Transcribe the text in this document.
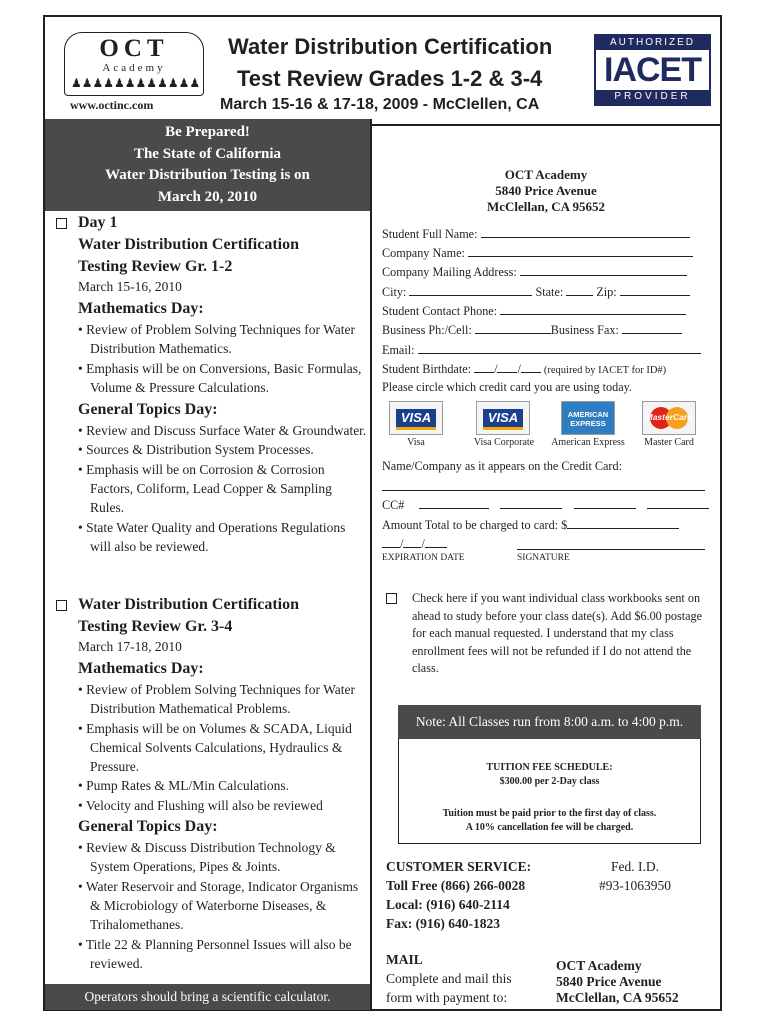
OCT
Academy
♟♟♟♟♟♟♟♟♟♟♟♟
www.octinc.com
Water Distribution Certification
Test Review Grades 1-2 & 3-4
March 15-16 & 17-18, 2009 - McClellen, CA
AUTHORIZED
IACET
PROVIDER
Be Prepared!
The State of California
Water Distribution Testing is on
March 20, 2010
Day 1
Water Distribution Certification
Testing Review Gr. 1-2
March 15-16, 2010
Mathematics Day:
• Review of Problem Solving Techniques for Water Distribution Mathematics.
• Emphasis will be on Conversions, Basic Formulas, Volume & Pressure Calculations.
General Topics Day:
• Review and Discuss Surface Water & Groundwater.
• Sources & Distribution System Processes.
• Emphasis will be on Corrosion & Corrosion Factors, Coliform, Lead Copper & Sampling Rules.
• State Water Quality and Operations Regulations will also be reviewed.
Water Distribution Certification
Testing Review Gr. 3-4
March 17-18, 2010
Mathematics Day:
• Review of Problem Solving Techniques for Water Distribution Mathematical Problems.
• Emphasis will be on Volumes & SCADA, Liquid Chemical Solvents Calculations, Hydraulics & Pressure.
• Pump Rates & ML/Min Calculations.
• Velocity and Flushing will also be reviewed
General Topics Day:
• Review & Discuss Distribution Technology & System Operations, Pipes & Joints.
• Water Reservoir and Storage, Indicator Organisms & Microbiology of Waterborne Diseases, & Trihalomethanes.
• Title 22 & Planning Personnel Issues will also be reviewed.
Operators should bring a scientific calculator.
OCT Academy
5840 Price Avenue
McClellan, CA 95652
Student Full Name:
Company Name:
Company Mailing Address:
City:	State:	Zip:
Student Contact Phone:
Business Ph:/Cell:	Business Fax:
Email:
Student Birthdate: / / (required by IACET for ID#)
Please circle which credit card you are using today.
VISA
Visa
VISA
Visa Corporate
AMERICAN EXPRESS
American Express
MasterCard
Master Card
Name/Company as it appears on the Credit Card:
CC#
Amount Total to be charged to card: $
/ /
EXPIRATION DATE	SIGNATURE
Check here if you want individual class workbooks sent on ahead to study before your class date(s). Add $6.00 postage for each manual requested. I understand that my class enrollment fees will not be refunded if I do not attend the class.
Note: All Classes run from 8:00 a.m. to 4:00 p.m.
TUITION FEE SCHEDULE:
$300.00 per 2-Day class
Tuition must be paid prior to the first day of class.
A 10% cancellation fee will be charged.
CUSTOMER SERVICE:
Toll Free (866) 266-0028
Local: (916) 640-2114
Fax: (916) 640-1823
Fed. I.D.
#93-1063950
MAIL
Complete and mail this
form with payment to:
OCT Academy
5840 Price Avenue
McClellan, CA 95652
